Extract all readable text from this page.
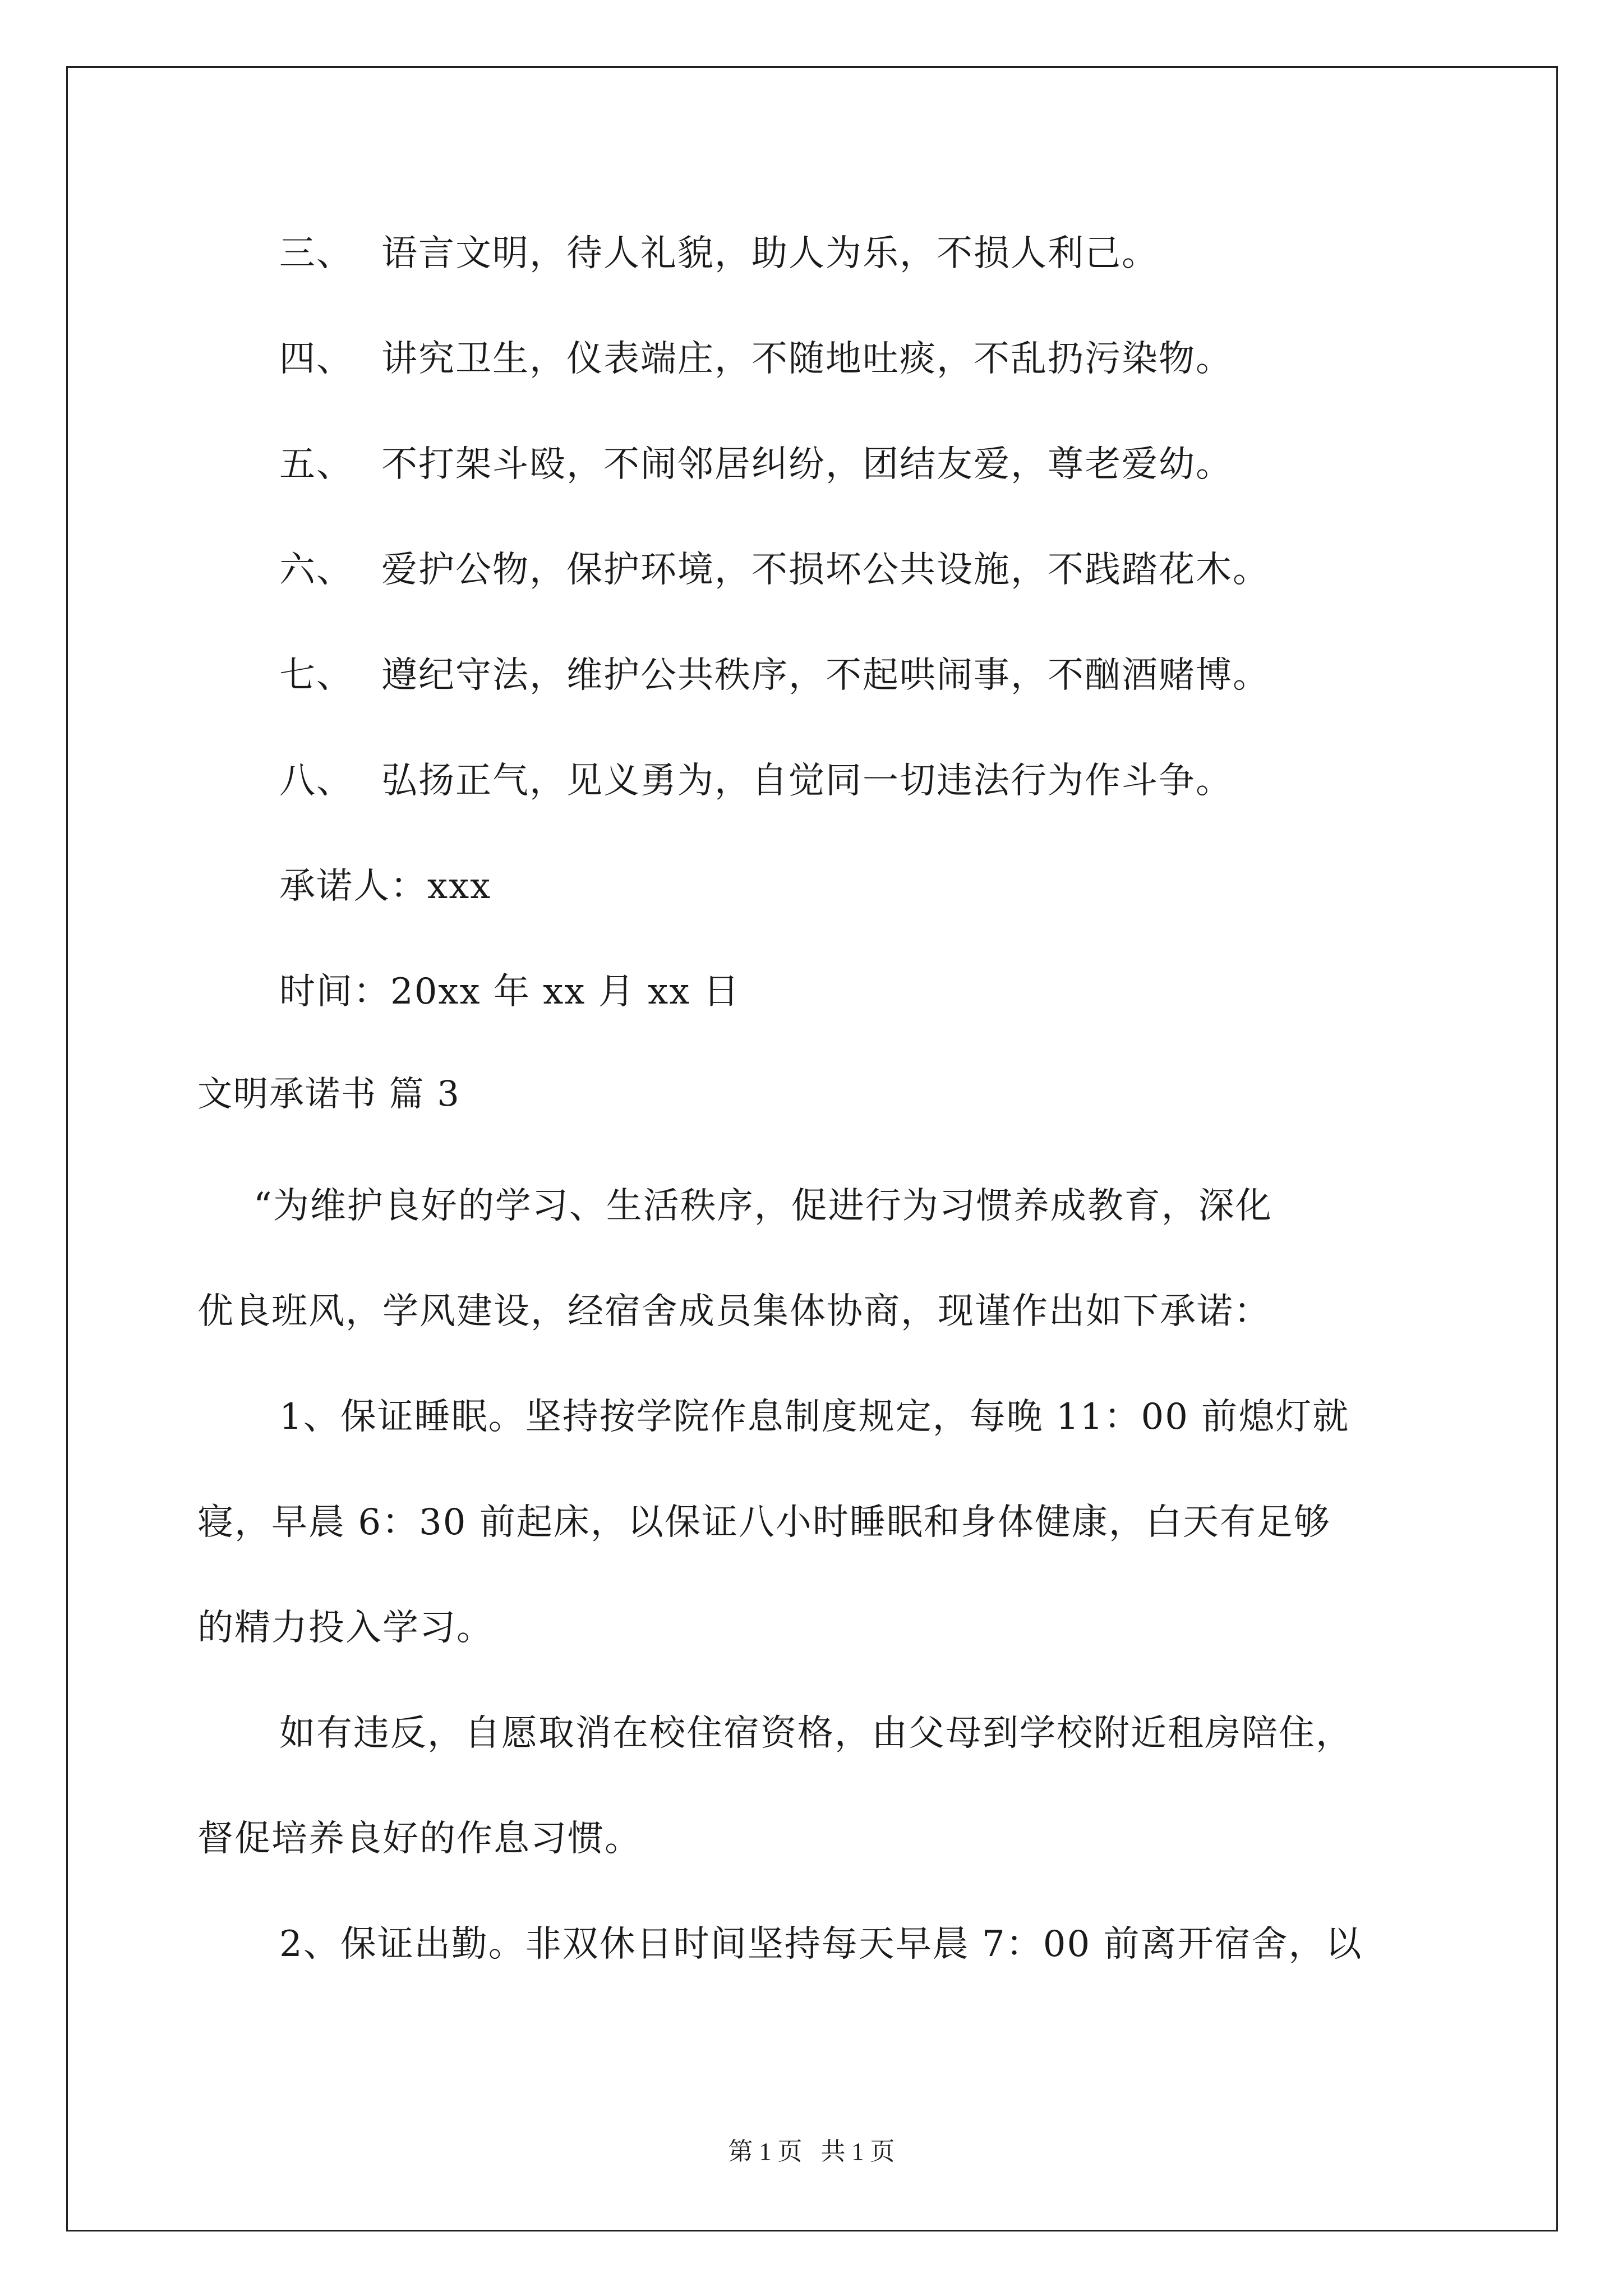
三、 语言文明，待人礼貌，助人为乐，不损人利己。
四、 讲究卫生，仪表端庄，不随地吐痰，不乱扔污染物。
五、 不打架斗殴，不闹邻居纠纷，团结友爱，尊老爱幼。
六、 爱护公物，保护环境，不损坏公共设施，不践踏花木。
七、 遵纪守法，维护公共秩序，不起哄闹事，不酗酒赌博。
八、 弘扬正气，见义勇为，自觉同一切违法行为作斗争。
承诺人：xxx
时间：20xx 年 xx 月 xx 日
文明承诺书 篇 3
“为维护良好的学习、生活秩序，促进行为习惯养成教育，深化
优良班风，学风建设，经宿舍成员集体协商，现谨作出如下承诺：
1、保证睡眠。坚持按学院作息制度规定，每晚 11：00 前熄灯就
寝，早晨 6：30 前起床，以保证八小时睡眠和身体健康，白天有足够
的精力投入学习。
如有违反，自愿取消在校住宿资格，由父母到学校附近租房陪住，
督促培养良好的作息习惯。
2、保证出勤。非双休日时间坚持每天早晨 7：00 前离开宿舍，以
第 1 页   共 1 页
